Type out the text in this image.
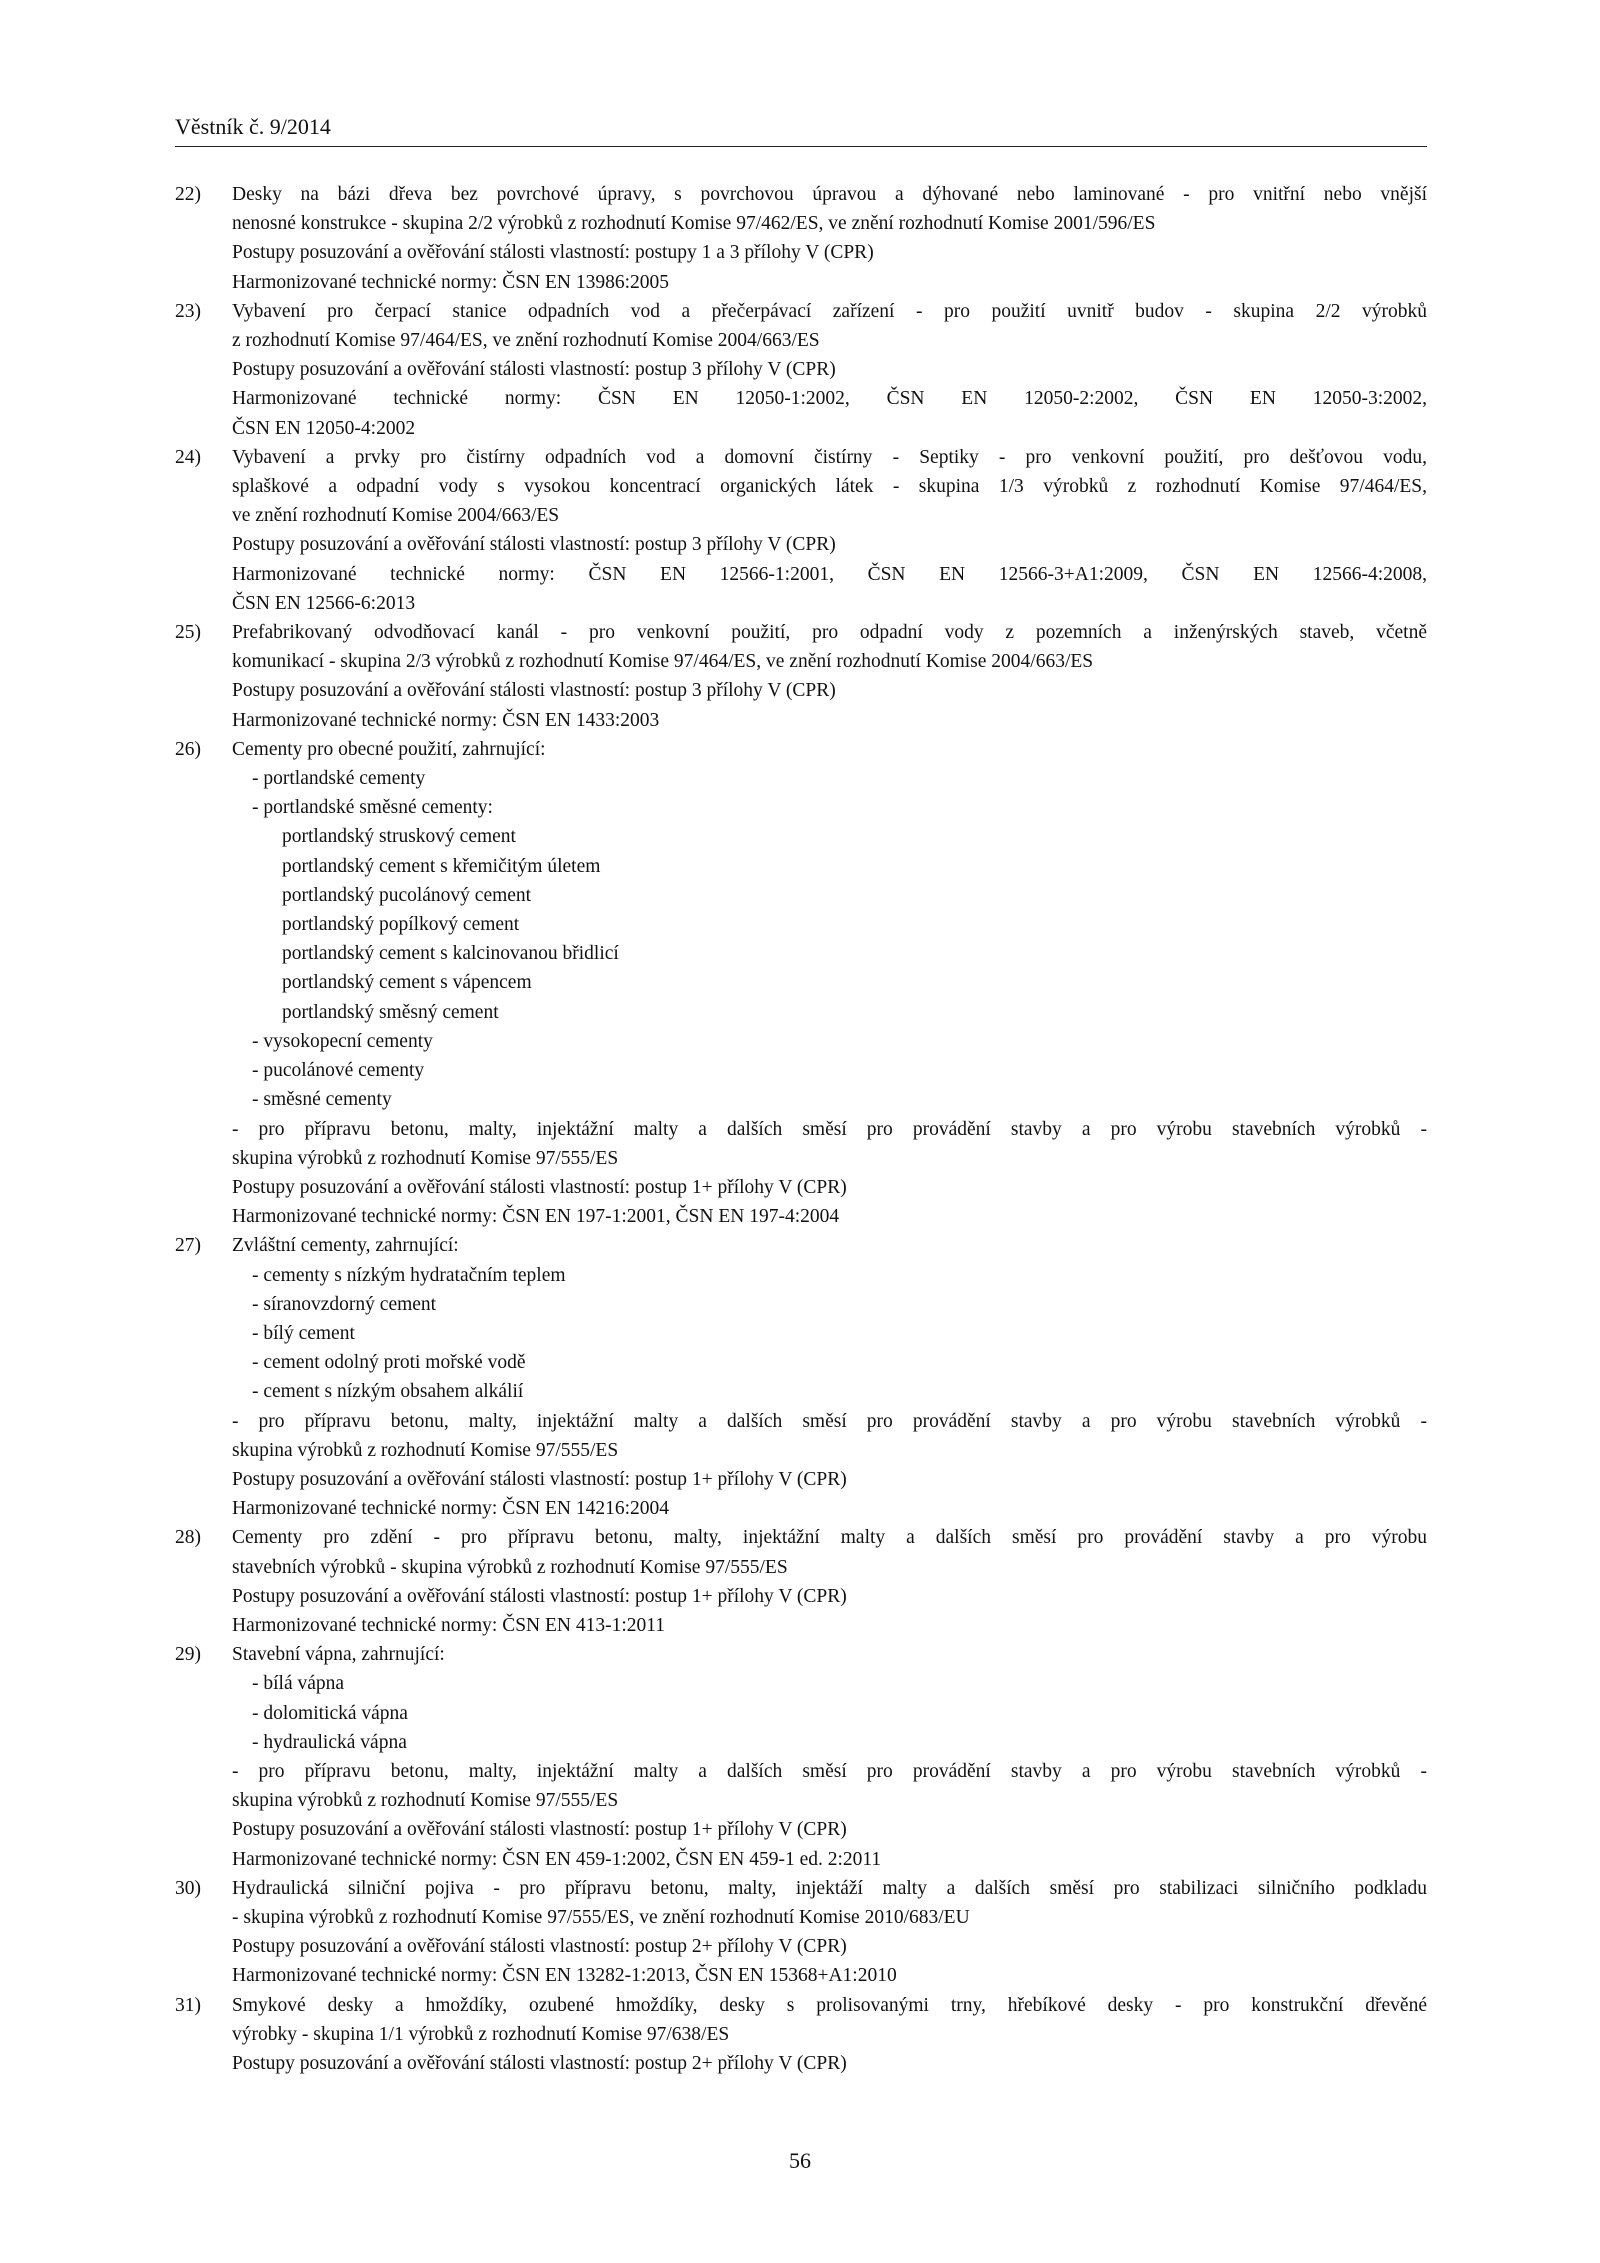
Věstník č. 9/2014
22)	Desky na bázi dřeva bez povrchové úpravy, s povrchovou úpravou a dýhované nebo laminované - pro vnitřní nebo vnější
nenosné konstrukce - skupina 2/2 výrobků z rozhodnutí Komise 97/462/ES, ve znění rozhodnutí Komise 2001/596/ES
Postupy posuzování a ověřování stálosti vlastností: postupy 1 a 3 přílohy V (CPR)
Harmonizované technické normy: ČSN EN 13986:2005
23)	Vybavení pro čerpací stanice odpadních vod a přečerpávací zařízení - pro použití uvnitř budov - skupina 2/2 výrobků
z rozhodnutí Komise 97/464/ES, ve znění rozhodnutí Komise 2004/663/ES
Postupy posuzování a ověřování stálosti vlastností: postup 3 přílohy V (CPR)
Harmonizované technické normy: ČSN EN 12050-1:2002, ČSN EN 12050-2:2002, ČSN EN 12050-3:2002,
ČSN EN 12050-4:2002
24)	Vybavení a prvky pro čistírny odpadních vod a domovní čistírny - Septiky - pro venkovní použití, pro dešťovou vodu,
splaškové a odpadní vody s vysokou koncentrací organických látek - skupina 1/3 výrobků z rozhodnutí Komise 97/464/ES,
ve znění rozhodnutí Komise 2004/663/ES
Postupy posuzování a ověřování stálosti vlastností: postup 3 přílohy V (CPR)
Harmonizované technické normy: ČSN EN 12566-1:2001, ČSN EN 12566-3+A1:2009, ČSN EN 12566-4:2008,
ČSN EN 12566-6:2013
25)	Prefabrikovaný odvodňovací kanál - pro venkovní použití, pro odpadní vody z pozemních a inženýrských staveb, včetně
komunikací - skupina 2/3 výrobků z rozhodnutí Komise 97/464/ES, ve znění rozhodnutí Komise 2004/663/ES
Postupy posuzování a ověřování stálosti vlastností: postup 3 přílohy V (CPR)
Harmonizované technické normy: ČSN EN 1433:2003
26)	Cementy pro obecné použití, zahrnující:
- portlandské cementy
- portlandské směsné cementy:
portlandský struskový cement
portlandský cement s křemičitým úletem
portlandský pucolánový cement
portlandský popílkový cement
portlandský cement s kalcinovanou břidlicí
portlandský cement s vápencem
portlandský směsný cement
- vysokopecní cementy
- pucolánové cementy
- směsné cementy
- pro přípravu betonu, malty, injektážní malty a dalších směsí pro provádění stavby a pro výrobu stavebních výrobků -
skupina výrobků z rozhodnutí Komise 97/555/ES
Postupy posuzování a ověřování stálosti vlastností: postup 1+ přílohy V (CPR)
Harmonizované technické normy: ČSN EN 197-1:2001, ČSN EN 197-4:2004
27)	Zvláštní cementy, zahrnující:
- cementy s nízkým hydratačním teplem
- síranovzdorný cement
- bílý cement
- cement odolný proti mořské vodě
- cement s nízkým obsahem alkálií
- pro přípravu betonu, malty, injektážní malty a dalších směsí pro provádění stavby a pro výrobu stavebních výrobků -
skupina výrobků z rozhodnutí Komise 97/555/ES
Postupy posuzování a ověřování stálosti vlastností: postup 1+ přílohy V (CPR)
Harmonizované technické normy: ČSN EN 14216:2004
28)	Cementy pro zdění - pro přípravu betonu, malty, injektážní malty a dalších směsí pro provádění stavby a pro výrobu
stavebních výrobků - skupina výrobků z rozhodnutí Komise 97/555/ES
Postupy posuzování a ověřování stálosti vlastností: postup 1+ přílohy V (CPR)
Harmonizované technické normy: ČSN EN 413-1:2011
29)	Stavební vápna, zahrnující:
- bílá vápna
- dolomitická vápna
- hydraulická vápna
- pro přípravu betonu, malty, injektážní malty a dalších směsí pro provádění stavby a pro výrobu stavebních výrobků -
skupina výrobků z rozhodnutí Komise 97/555/ES
Postupy posuzování a ověřování stálosti vlastností: postup 1+ přílohy V (CPR)
Harmonizované technické normy: ČSN EN 459-1:2002, ČSN EN 459-1 ed. 2:2011
30)	Hydraulická silniční pojiva - pro přípravu betonu, malty, injektáží malty a dalších směsí pro stabilizaci silničního podkladu
- skupina výrobků z rozhodnutí Komise 97/555/ES, ve znění rozhodnutí Komise 2010/683/EU
Postupy posuzování a ověřování stálosti vlastností: postup 2+ přílohy V (CPR)
Harmonizované technické normy: ČSN EN 13282-1:2013, ČSN EN 15368+A1:2010
31)	Smykové desky a hmoždíky, ozubené hmoždíky, desky s prolisovanými trny, hřebíkové desky - pro konstrukční dřevěné
výrobky - skupina 1/1 výrobků z rozhodnutí Komise 97/638/ES
Postupy posuzování a ověřování stálosti vlastností: postup 2+ přílohy V (CPR)
56
